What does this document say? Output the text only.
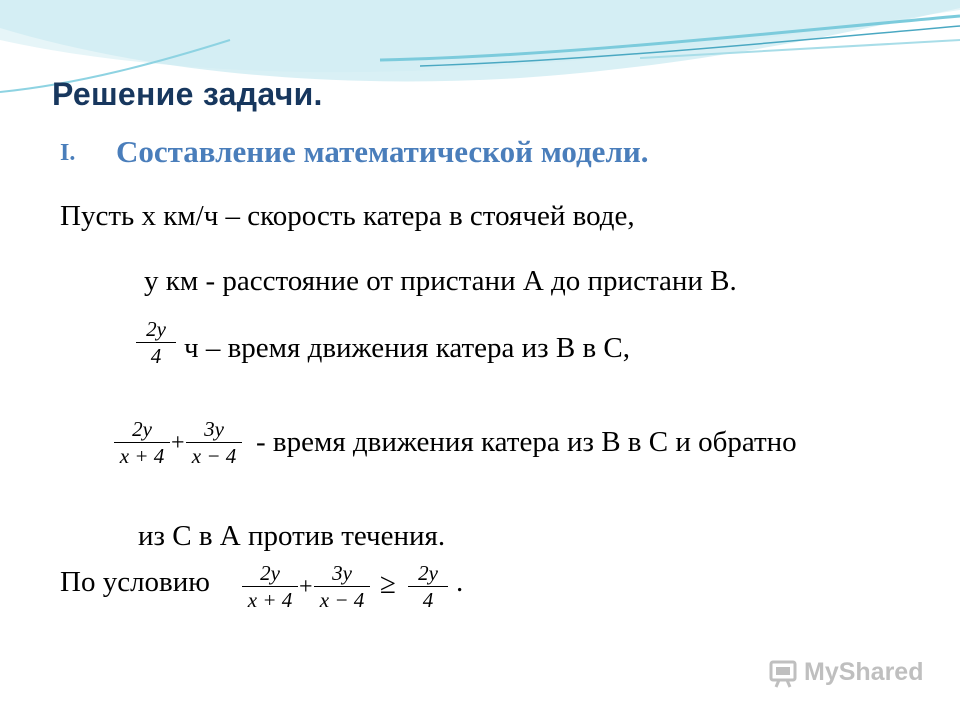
Решение задачи.
I. Составление математической модели.
Пусть х км/ч – скорость катера в стоячей воде,
у км - расстояние от пристани А до пристани В.
$\frac{2y}{4}$ ч – время движения катера из В в С,
$\frac{2y}{x + 4} + \frac{3y}{x - 4}$ - время движения катера из В в С и обратно
из С в А против течения.
По условию $\frac{2y}{x + 4} + \frac{3y}{x - 4} \ge \frac{2y}{4}$ .
MyShared
